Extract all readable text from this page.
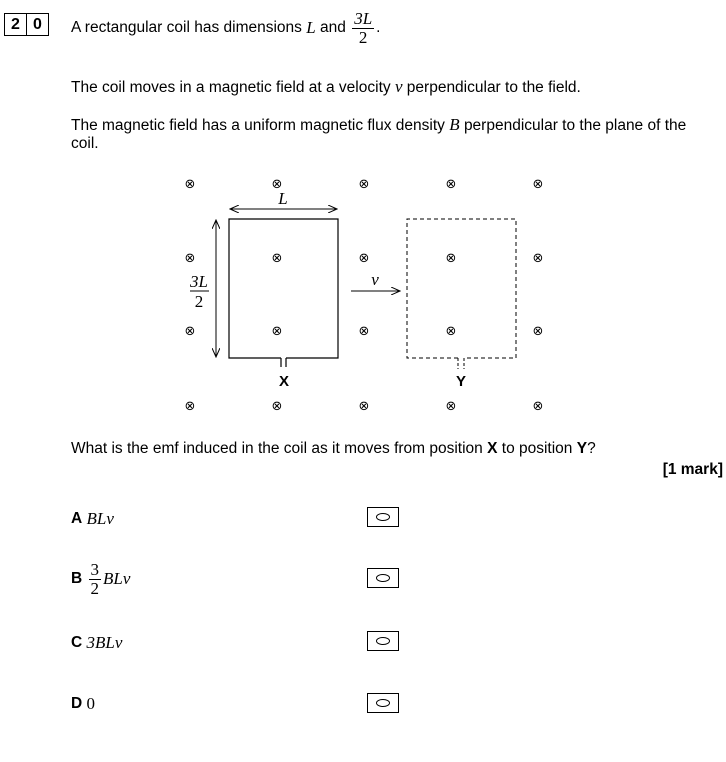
2 0	A rectangular coil has dimensions
L
and
$\frac{3L}{2}$ .
The coil moves in a magnetic field at a velocity v perpendicular to the field.
The magnetic field has a uniform magnetic flux density B perpendicular to the plane of the
coil.
⊗	⊗	⊗	⊗	⊗
⊗	⊗	⊗	⊗	⊗
⊗	⊗	⊗	⊗	⊗
⊗	⊗	⊗	⊗	⊗
L
3L
2
v
X	Y
What is the emf induced in the coil as it moves from position X to position Y?
[1 mark]
A
BLv
B
$\frac{3}{2}$ BLv
C
3BLv
D
0
